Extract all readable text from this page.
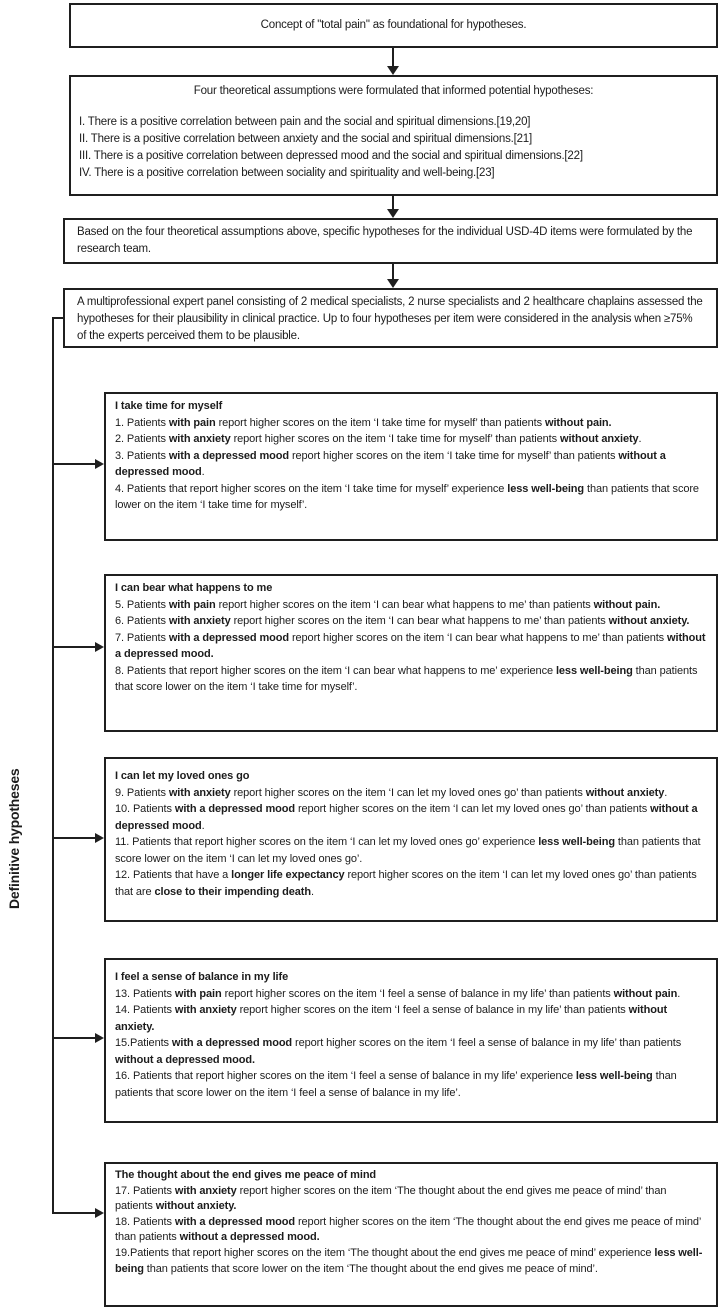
Concept of "total pain" as foundational for hypotheses.
Four theoretical assumptions were formulated that informed potential hypotheses:
I. There is a positive correlation between pain and the social and spiritual dimensions.[19,20]
II. There is a positive correlation between anxiety and the social and spiritual dimensions.[21]
III. There is a positive correlation between depressed mood and the social and spiritual dimensions.[22]
IV. There is a positive correlation between sociality and spirituality and well-being.[23]
Based on the four theoretical assumptions above, specific hypotheses for the individual USD-4D items were formulated by the research team.
A multiprofessional expert panel consisting of 2 medical specialists, 2 nurse specialists and 2 healthcare chaplains assessed the hypotheses for their plausibility in clinical practice. Up to four hypotheses per item were considered in the analysis when ≥75% of the experts perceived them to be plausible.
Definitive hypotheses
I take time for myself
1. Patients with pain report higher scores on the item ‘I take time for myself’ than patients without pain.
2. Patients with anxiety report higher scores on the item ‘I take time for myself’ than patients without anxiety.
3. Patients with a depressed mood report higher scores on the item ‘I take time for myself’ than patients without a depressed mood.
4. Patients that report higher scores on the item ‘I take time for myself’ experience less well-being than patients that score lower on the item ‘I take time for myself’.
I can bear what happens to me
5. Patients with pain report higher scores on the item ‘I can bear what happens to me’ than patients without pain.
6. Patients with anxiety report higher scores on the item ‘I can bear what happens to me’ than patients without anxiety.
7. Patients with a depressed mood report higher scores on the item ‘I can bear what happens to me’ than patients without a depressed mood.
8. Patients that report higher scores on the item ‘I can bear what happens to me’ experience less well-being than patients that score lower on the item ‘I take time for myself’.
I can let my loved ones go
9. Patients with anxiety report higher scores on the item ‘I can let my loved ones go’ than patients without anxiety.
10. Patients with a depressed mood report higher scores on the item ‘I can let my loved ones go’ than patients without a depressed mood.
11. Patients that report higher scores on the item ‘I can let my loved ones go’ experience less well-being than patients that score lower on the item ‘I can let my loved ones go’.
12. Patients that have a longer life expectancy report higher scores on the item ‘I can let my loved ones go’ than patients that are close to their impending death.
I feel a sense of balance in my life
13. Patients with pain report higher scores on the item ‘I feel a sense of balance in my life’ than patients without pain.
14. Patients with anxiety report higher scores on the item ‘I feel a sense of balance in my life’ than patients without anxiety.
15.Patients with a depressed mood report higher scores on the item ‘I feel a sense of balance in my life’ than patients without a depressed mood.
16. Patients that report higher scores on the item ‘I feel a sense of balance in my life’ experience less well-being than patients that score lower on the item ‘I feel a sense of balance in my life’.
The thought about the end gives me peace of mind
17. Patients with anxiety report higher scores on the item ‘The thought about the end gives me peace of mind’ than patients without anxiety.
18. Patients with a depressed mood report higher scores on the item ‘The thought about the end gives me peace of mind’ than patients without a depressed mood.
19.Patients that report higher scores on the item ‘The thought about the end gives me peace of mind’ experience less well-being than patients that score lower on the item ‘The thought about the end gives me peace of mind’.
